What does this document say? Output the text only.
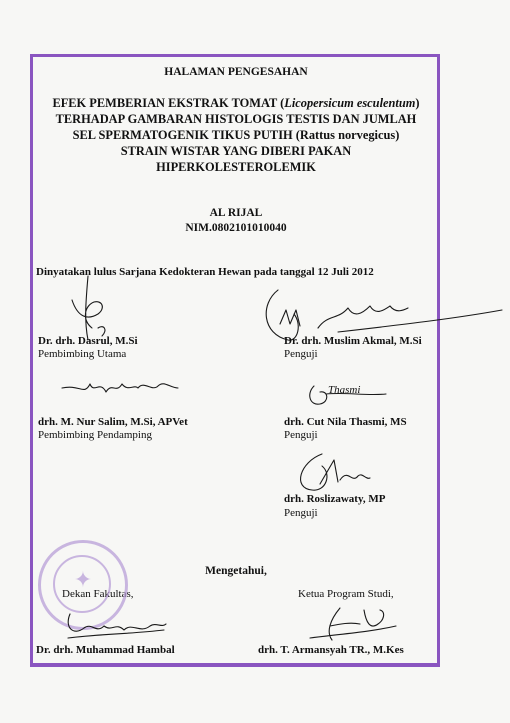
HALAMAN PENGESAHAN
EFEK PEMBERIAN EKSTRAK TOMAT (Licopersicum esculentum)
TERHADAP GAMBARAN HISTOLOGIS TESTIS DAN JUMLAH
SEL SPERMATOGENIK TIKUS PUTIH (Rattus norvegicus)
STRAIN WISTAR YANG DIBERI PAKAN
HIPERKOLESTEROLEMIK
AL RIJAL
NIM.0802101010040
Dinyatakan lulus Sarjana Kedokteran Hewan pada tanggal 12 Juli 2012
Dr. drh. Dasrul, M.Si
Pembimbing Utama
Dr. drh. Muslim Akmal, M.Si
Penguji
drh. M. Nur Salim, M.Si, APVet
Pembimbing Pendamping
Thasmi
drh. Cut Nila Thasmi, MS
Penguji
drh. Roslizawaty, MP
Penguji
Mengetahui,
Dekan Fakultas,	Ketua Program Studi,
✦
Dr. drh. Muhammad Hambal	drh. T. Armansyah TR., M.Kes
